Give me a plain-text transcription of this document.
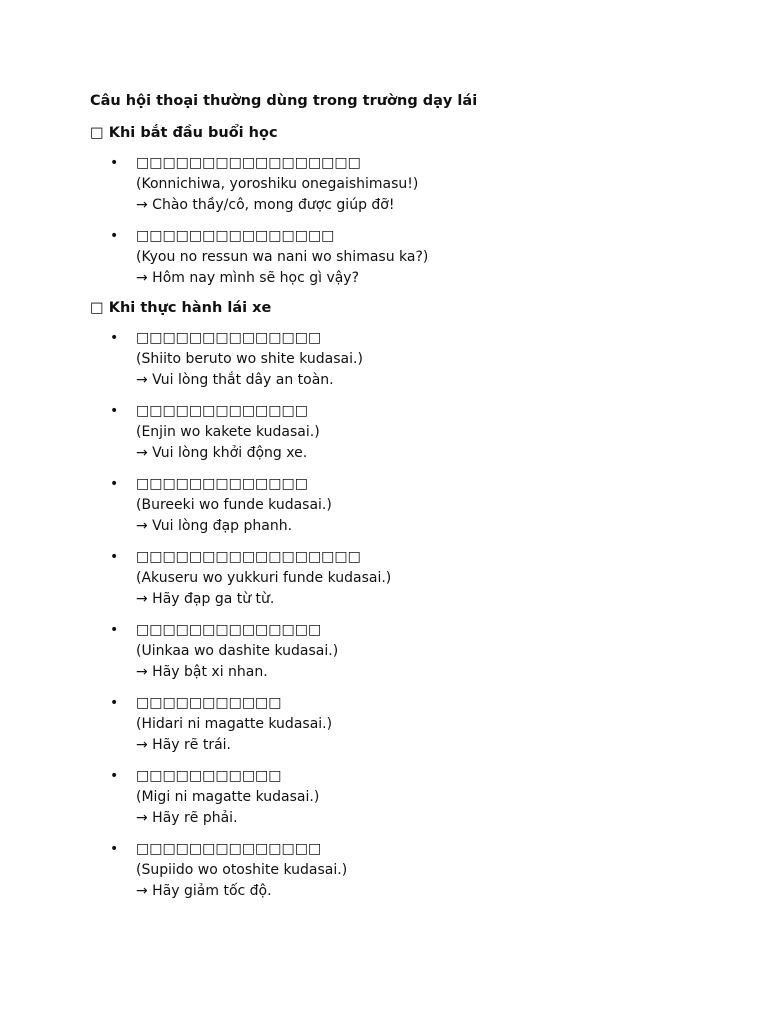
Câu hội thoại thường dùng trong trường dạy lái
□ Khi bắt đầu buổi học
• □□□□□□□□□□□□□□□□□
(Konnichiwa, yoroshiku onegaishimasu!)
→ Chào thầy/cô, mong được giúp đỡ!
• □□□□□□□□□□□□□□□
(Kyou no ressun wa nani wo shimasu ka?)
→ Hôm nay mình sẽ học gì vậy?
□ Khi thực hành lái xe
• □□□□□□□□□□□□□□
(Shiito beruto wo shite kudasai.)
→ Vui lòng thắt dây an toàn.
• □□□□□□□□□□□□□
(Enjin wo kakete kudasai.)
→ Vui lòng khởi động xe.
• □□□□□□□□□□□□□
(Bureeki wo funde kudasai.)
→ Vui lòng đạp phanh.
• □□□□□□□□□□□□□□□□□
(Akuseru wo yukkuri funde kudasai.)
→ Hãy đạp ga từ từ.
• □□□□□□□□□□□□□□
(Uinkaa wo dashite kudasai.)
→ Hãy bật xi nhan.
• □□□□□□□□□□□
(Hidari ni magatte kudasai.)
→ Hãy rẽ trái.
• □□□□□□□□□□□
(Migi ni magatte kudasai.)
→ Hãy rẽ phải.
• □□□□□□□□□□□□□□
(Supiido wo otoshite kudasai.)
→ Hãy giảm tốc độ.
